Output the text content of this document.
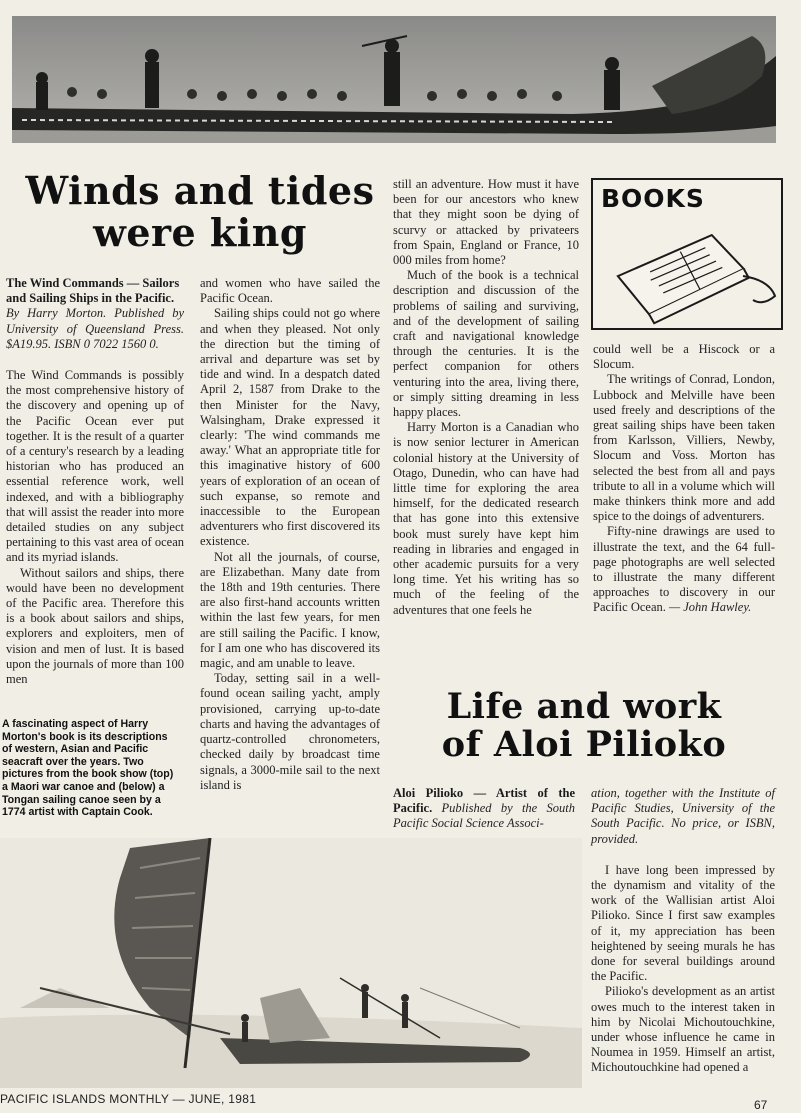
Winds and tides
were king

The Wind Commands — Sailors and Sailing Ships in the Pacific.

By Harry Morton. Published by University of Queensland Press. $A19.95. ISBN 0 7022 1560 0.

The Wind Commands is possibly the most comprehensive history of the discovery and opening up of the Pacific Ocean ever put together. It is the result of a quarter of a century's research by a leading historian who has produced an essential reference work, well indexed, and with a bibliography that will assist the reader into more detailed studies on any subject pertaining to this vast area of ocean and its myriad islands.

Without sailors and ships, there would have been no development of the Pacific area. Therefore this is a book about sailors and ships, explorers and exploiters, men of vision and men of lust. It is based upon the journals of more than 100 men

A fascinating aspect of Harry Morton's book is its descriptions of western, Asian and Pacific seacraft over the years. Two pictures from the book show (top) a Maori war canoe and (below) a Tongan sailing canoe seen by a 1774 artist with Captain Cook.

and women who have sailed the Pacific Ocean.

Sailing ships could not go where and when they pleased. Not only the direction but the timing of arrival and departure was set by tide and wind. In a despatch dated April 2, 1587 from Drake to the then Minister for the Navy, Walsingham, Drake expressed it clearly: 'The wind commands me away.' What an appropriate title for this imaginative history of 600 years of exploration of an ocean of such expanse, so remote and inaccessible to the European adventurers who first discovered its existence.

Not all the journals, of course, are Elizabethan. Many date from the 18th and 19th centuries. There are also first-hand accounts written within the last few years, for men are still sailing the Pacific. I know, for I am one who has discovered its magic, and am unable to leave.

Today, setting sail in a well-found ocean sailing yacht, amply provisioned, carrying up-to-date charts and having the advantages of quartz-controlled chronometers, checked daily by broadcast time signals, a 3000-mile sail to the next island is

still an adventure. How must it have been for our ancestors who knew that they might soon be dying of scurvy or attacked by privateers from Spain, England or France, 10 000 miles from home?

Much of the book is a technical description and discussion of the problems of sailing and surviving, and of the development of sailing craft and navigational knowledge through the centuries. It is the perfect companion for others venturing into the area, living there, or simply sitting dreaming in less happy places.

Harry Morton is a Canadian who is now senior lecturer in American colonial history at the University of Otago, Dunedin, who can have had little time for exploring the area himself, for the dedicated research that has gone into this extensive book must surely have kept him reading in libraries and engaged in other academic pursuits for a very long time. Yet his writing has so much of the feeling of the adventures that one feels he

BOOKS

could well be a Hiscock or a Slocum.

The writings of Conrad, London, Lubbock and Melville have been used freely and descriptions of the great sailing ships have been taken from Karlsson, Villiers, Newby, Slocum and Voss. Morton has selected the best from all and pays tribute to all in a volume which will make thinkers think more and add spice to the doings of adventurers.

Fifty-nine drawings are used to illustrate the text, and the 64 full-page photographs are well selected to illustrate the many different approaches to discovery in our Pacific Ocean. — John Hawley.

Life and work
of Aloi Pilioko

Aloi Pilioko — Artist of the Pacific. Published by the South Pacific Social Science Associ-

ation, together with the Institute of Pacific Studies, University of the South Pacific. No price, or ISBN, provided.

I have long been impressed by the dynamism and vitality of the work of the Wallisian artist Aloi Pilioko. Since I first saw examples of it, my appreciation has been heightened by seeing murals he has done for several buildings around the Pacific.

Pilioko's development as an artist owes much to the interest taken in him by Nicolai Michoutouchkine, under whose influence he came in Noumea in 1959. Himself an artist, Michoutouchkine had opened a

PACIFIC ISLANDS MONTHLY — JUNE, 1981	67
